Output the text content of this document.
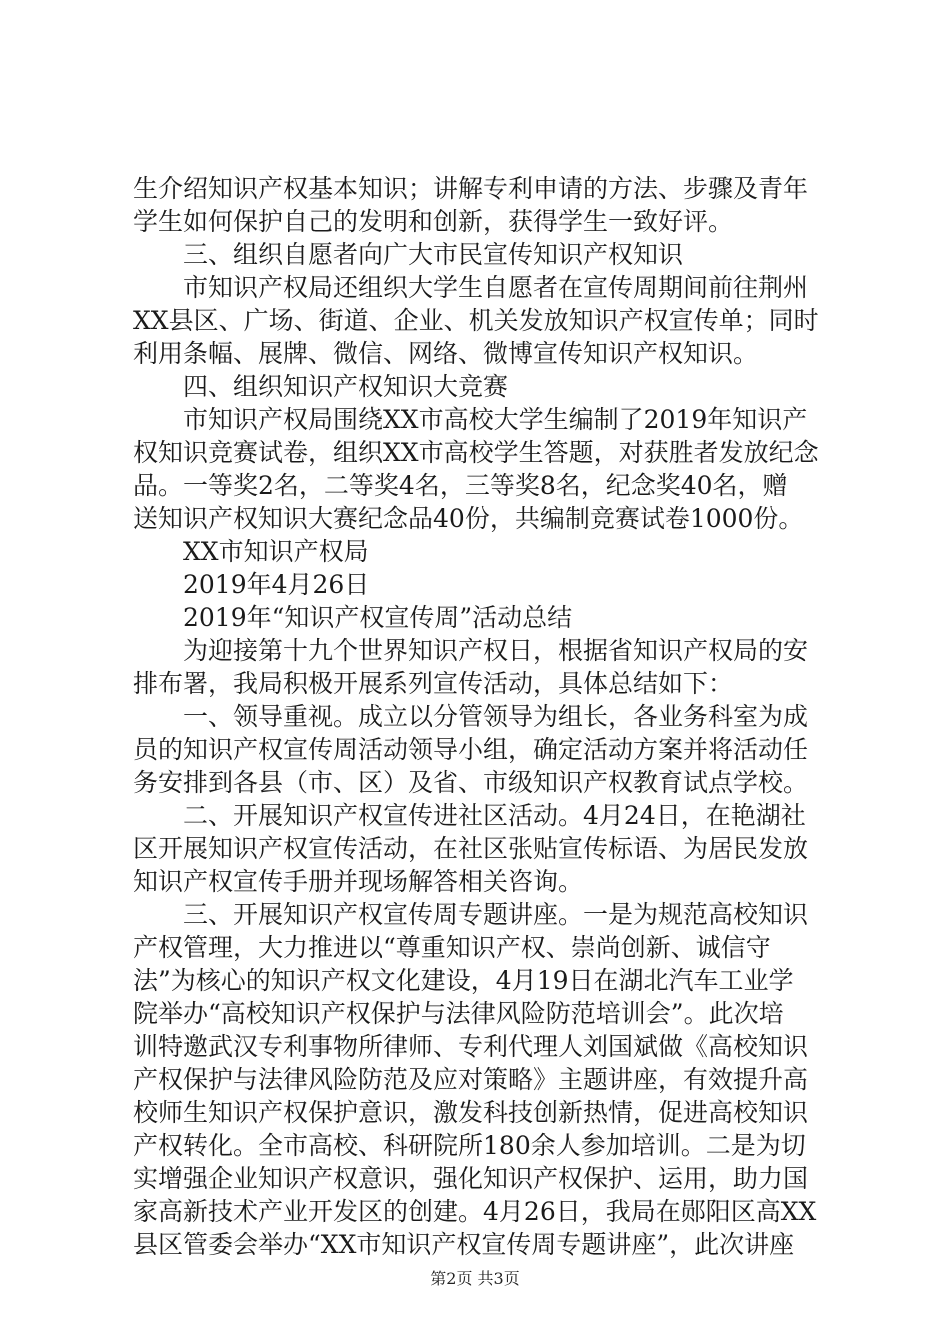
生介绍知识产权基本知识；讲解专利申请的方法、步骤及青年
学生如何保护自己的发明和创新，获得学生一致好评。
三、组织自愿者向广大市民宣传知识产权知识
市知识产权局还组织大学生自愿者在宣传周期间前往荆州
XX县区、广场、街道、企业、机关发放知识产权宣传单；同时
利用条幅、展牌、微信、网络、微博宣传知识产权知识。
四、组织知识产权知识大竞赛
市知识产权局围绕XX市高校大学生编制了2019年知识产
权知识竞赛试卷，组织XX市高校学生答题，对获胜者发放纪念
品。一等奖2名，二等奖4名，三等奖8名，纪念奖40名，赠
送知识产权知识大赛纪念品40份，共编制竞赛试卷1000份。
XX市知识产权局
2019年4月26日
2019年“知识产权宣传周”活动总结
为迎接第十九个世界知识产权日，根据省知识产权局的安
排布署，我局积极开展系列宣传活动，具体总结如下：
一、领导重视。成立以分管领导为组长，各业务科室为成
员的知识产权宣传周活动领导小组，确定活动方案并将活动任
务安排到各县（市、区）及省、市级知识产权教育试点学校。
二、开展知识产权宣传进社区活动。4月24日，在艳湖社
区开展知识产权宣传活动，在社区张贴宣传标语、为居民发放
知识产权宣传手册并现场解答相关咨询。
三、开展知识产权宣传周专题讲座。一是为规范高校知识
产权管理，大力推进以“尊重知识产权、崇尚创新、诚信守
法”为核心的知识产权文化建设，4月19日在湖北汽车工业学
院举办“高校知识产权保护与法律风险防范培训会”。此次培
训特邀武汉专利事物所律师、专利代理人刘国斌做《高校知识
产权保护与法律风险防范及应对策略》主题讲座，有效提升高
校师生知识产权保护意识，激发科技创新热情，促进高校知识
产权转化。全市高校、科研院所180余人参加培训。二是为切
实增强企业知识产权意识，强化知识产权保护、运用，助力国
家高新技术产业开发区的创建。4月26日，我局在郧阳区高XX
县区管委会举办“XX市知识产权宣传周专题讲座”，此次讲座
第2页 共3页
